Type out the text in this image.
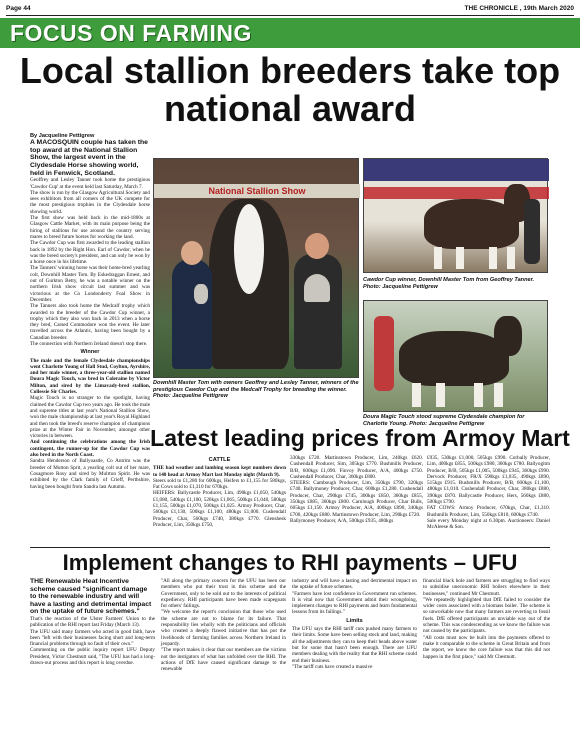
Page 44	THE CHRONICLE , 19th March 2020
FOCUS ON FARMING
Local stallion breeders take top national award
By Jacqueline Pettigrew
A MACOSQUIN couple has taken the top award at the National Stallion Show, the largest event in the Clydesdale Horse showing world, held in Fenwick, Scotland.

Geoffrey and Lesley Tanner took home the prestigious 'Cawdor Cup' at the event held last Saturday, March 7.

The show is run by the Glasgow Agricultural Society and sees exhibitors from all corners of the UK compete for the most prestigious trophies in the Clydesdale horse showing world.

The first show was held back in the mid-1800s at Glasgow Cattle Market, with its main purpose being the hiring of stallions for use around the country serving mares to breed future horses for working the land.

The Cawdor Cup was first awarded to the leading stallion back in 1892 by the Right Hon. Earl of Cawdor, when he was the breed society's president, and can only be won by a horse once in his lifetime.

The Tanners' winning horse was their home-bred yearling colt, Downhill Master Tom. By Eskedraggan Ernest, and out of Gurkton Betty, he was a notable winner on the northern Irish show circuit last summer and was victorious at the Co Londonderry Foal Show in December.

The Tanners also took home the Medcalf trophy which awarded to the breeder of the Cawdor Cup winner, a trophy which they also won back in 2013 when a horse they bred, Carsed Commodore won the event. He later travelled across the Atlantic, having been bought by a Canadian breeder.

The connection with Northern Ireland doesn't stop there.

Winner

The male and the female Clydesdale championships went Charlotte Young of Hall Stud, Coylton, Ayrshire, and her male winner, a three-year-old stallion named Doura Magic Touch, was bred in Coleraine by Victor Milton, and sired by the Limavady-bred stallion, Collessie Sir Charles.

Magic Touch is no stranger to the spotlight, having claimed the Cawdor Cup two years ago. He took the male and supreme titles at last year's National Stallion Show, won the male championship at last year's Royal Highland and then took the breed's reserve champion of champions prize at the Winter Fair in November, amongst other victories in between.

And continuing the celebrations among the Irish contingent, the runner-up for the Cawdor Cup was also bred in the North Coast.

Sandra Henderson of Ballyoastle, Co Antrim was the breeder of Mutton Sprit, a yearling colt out of her mare, Cosagmore Rosy and sired by Mulrton Spirit. He was exhibited by the Clark family of Crieff, Perthshire, having been bought from Sandra last Autumn.

National Stallion Show
Downhill Master Tom with owners Geoffrey and Lesley Tanner, winners of the prestigious Cawdor Cup and the Medcalf Trophy for breeding the winner. Photo: Jacqueline Pettigrew
Cawdor Cup winner, Downhill Master Tom from Geoffrey Tanner. Photo: Jacqueline Pettigrew
Doura Magic Touch stood supreme Clydesdale champion for Charlotte Young. Photo: Jacqueline Pettigrew
Latest leading prices from Armoy Mart
CATTLE

THE bad weather and lambing season kept numbers down to 140 head at Armoy Mart last Monday night (March 9).

Steers sold to £1,280 for 600kgs, Heifers to £1,155 for 580kgs, Fat Cows sold to £1,310 for 670kgs.

HEIFERS: Ballycastle Producer, Lim, 490kgs £1,050, 540kgs £1,080, 540kgs £1,100, 520kgs £1,065, 500kgs £1,040, 580kgs £1,155, 500kgs £1,070, 500kgs £1,025. Armoy Producer, Char, 560kgs £1,130, 500kgs £1,100, 480kgs £1,000. Cushendall Producer, Char, 560kgs £740, 380kgs £770. Glenshesk Producer, Lim, 350kgs £750,

330kgs £720. Martinstown Producer, Lim, 240kgs £620. Cushendall Producer, Sim, 305kgs £770. Bushmills Producer, B/B, 600kgs £1,090. Finvoy Producer, A/A, 400kgs £750. Cushendall Producer, Char, 360kgs £800.

STEERS: Cambough Producer, Lim, 350kgs £790, 320kgs £740. Ballymoney Producer, Char, 600kgs £1,280. Cushendall Producer, Char, 290kgs £745, 300kgs £850, 360kgs £855, 350kgs £885, 360kgs £800. Carnlough Producer, Char Bulls, 605kgs £1,150. Armoy Producer, A/A, 400kgs £890, 340kgs £700, 420kgs £880. Martinstown Producer, Lim, 290kgs £720.

Ballymoney Producer, A/A, 500kgs £935, 480kgs

£935, 530kgs £1,000, 505kgs £990. Corbally Producer, Lim, 400kgs £855, 500kgs £980, 360kgs £780. Ballyogitm Producer, B/B, 505kgs £1,005, 500kgs £945, 360kgs £990. Dervock Producer, FR/X 590kgs £1,035, 490kgs £890, 515kgs £915. Bushmills Producer, B/B, 600kgs £1,100, 480kgs £1,010. Cushendall Producer, Char, 380kgs £880, 390kgs £870. Ballycastle Producer, Hers, 560kgs £880, 500kgs £790.

FAT COWS: Armoy Producer, 670kgs, Char, £1,310. Bushmills Producer, Lim, 550kgs £810, 600kgs £740.

Sale every Monday night at 6.30pm. Auctioneers: Daniel McAleese & Son.

Implement changes to RHI payments – UFU

THE Renewable Heat Incentive scheme caused "significant damage to the renewable industry and will have a lasting and detrimental impact on the uptake of future schemes."

That's the reaction of the Ulster Farmers' Union to the publication of the RHI report last Friday (March 13).

The UFU said many farmers who acted in good faith, have been "left with their businesses facing short and long-term financial problems through no fault of their own."

Commenting on the public inquiry report UFU Deputy President, Victor Chestnutt said, "The UFU has had a long-drawn-out process and this report is long overdue.

"All along the primary concern for the UFU has been our members who put their trust in this scheme and the Government, only to be sold out to the interests of political expediency. RHI participants have been made scapegoats for others' failings.

"We welcome the report's conclusion that those who used the scheme are not to blame for its failure. That responsibility lies wholly with the politicians and officials who created a deeply flawed initiative that has put the livelihoods of farming families across Northern Ireland in jeopardy.

"The report makes it clear that our members are the victims not the instigators of what has unfolded over the RHI. The actions of DfE have caused significant damage to the renewable

industry and will have a lasting and detrimental impact on the uptake of future schemes.

"Farmers have lost confidence in Government run schemes. It is vital now that Government admit their wrongdoing, implement changes to RHI payments and learn fundamental lessons from its failings."

Limits

The UFU says the RHI tariff cuts pushed many farmers to their limits. Some have been selling stock and land, making all the adjustments they can to keep their heads above water but for some that hasn't been enough. There are UFU members dealing with the reality that the RHI scheme could end their business.

"The tariff cuts have created a massive

financial black hole and farmers are struggling to find ways to subsidise uneconomic RHI boilers elsewhere in their businesses," continued Mr Chestnutt.

"We repeatedly highlighted that DfE failed to consider the wider costs associated with a biomass boiler. The scheme is so unworkable now that many farmers are reverting to fossil fuels. DfE offered participants an unviable way out of the scheme. This was condescending as we know the failure was not caused by the participants.

"All costs must now be built into the payments offered to make it comparable to the scheme in Great Britain and from the report, we know the core failure was that this did not happen in the first place," said Mr Chestnutt.
